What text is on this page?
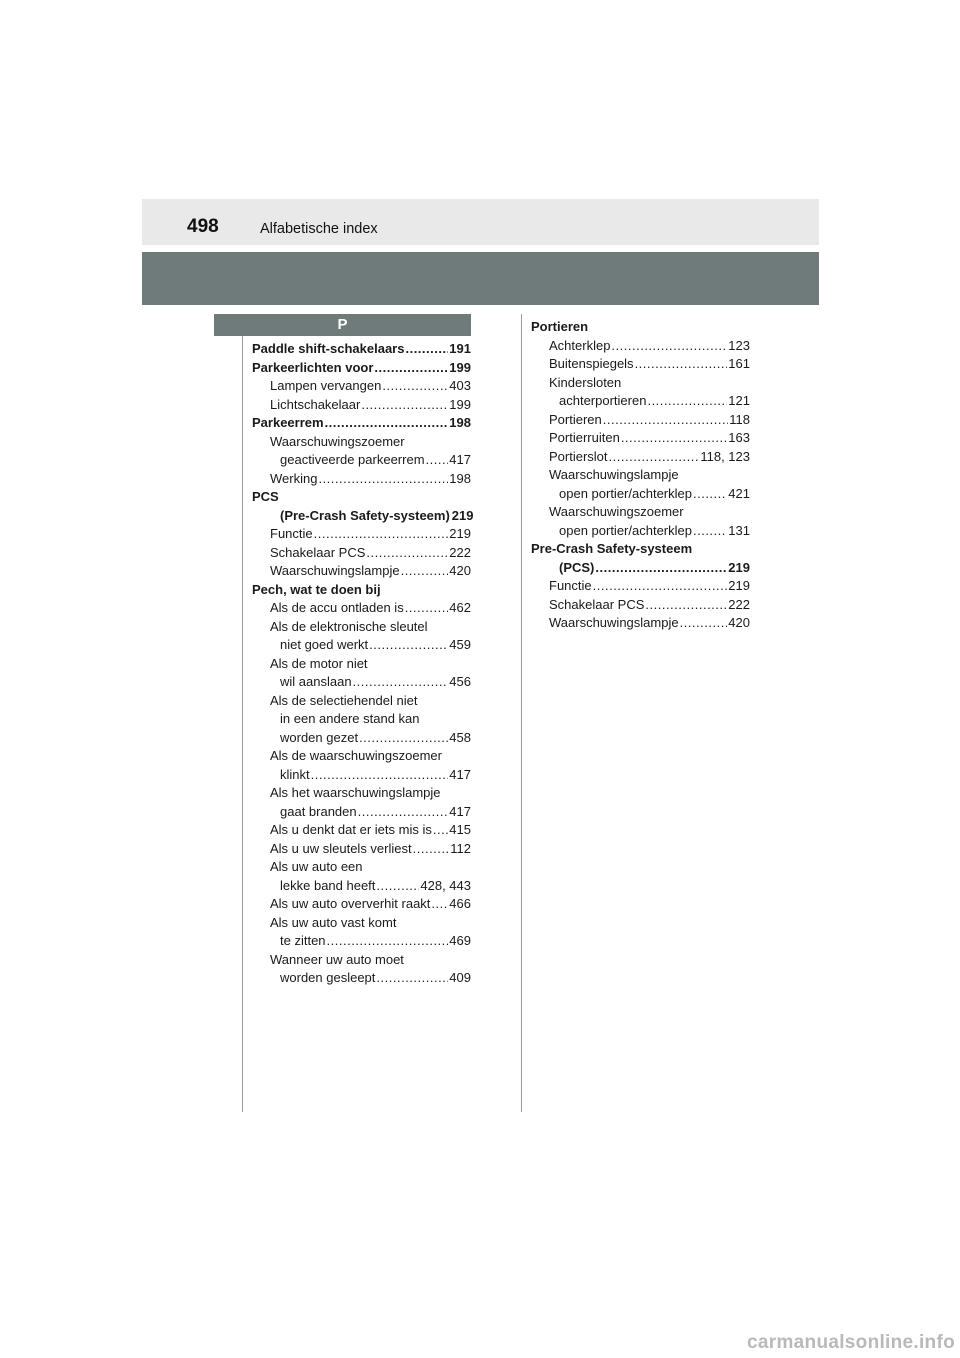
498	Alfabetische index
P
Paddle shift-schakelaars .....	191
Parkeerlichten voor .....	199
Lampen vervangen .....	403
Lichtschakelaar .....	199
Parkeerrem .....	198
Waarschuwingszoemer
geactiveerde parkeerrem ..... 417
Werking .....	198
PCS
(Pre-Crash Safety-systeem) 219
Functie .....	219
Schakelaar PCS .....	222
Waarschuwingslampje .....	420
Pech, wat te doen bij
Als de accu ontladen is .....	462
Als de elektronische sleutel
niet goed werkt .....	459
Als de motor niet
wil aanslaan .....	456
Als de selectiehendel niet
in een andere stand kan
worden gezet .....	458
Als de waarschuwingszoemer
klinkt .....	417
Als het waarschuwingslampje
gaat branden .....	417
Als u denkt dat er iets mis is ..... 415
Als u uw sleutels verliest .....	112
Als uw auto een
lekke band heeft .....	428, 443
Als uw auto oververhit raakt ..... 466
Als uw auto vast komt
te zitten .....	469
Wanneer uw auto moet
worden gesleept .....	409
Portieren
Achterklep .....	123
Buitenspiegels .....	161
Kindersloten
achterportieren .....	121
Portieren .....	118
Portierruiten .....	163
Portierslot .....	118, 123
Waarschuwingslampje
open portier/achterklep .....	421
Waarschuwingszoemer
open portier/achterklep .....	131
Pre-Crash Safety-systeem
(PCS) .....	219
Functie .....	219
Schakelaar PCS .....	222
Waarschuwingslampje .....	420
carmanualsonline.info
